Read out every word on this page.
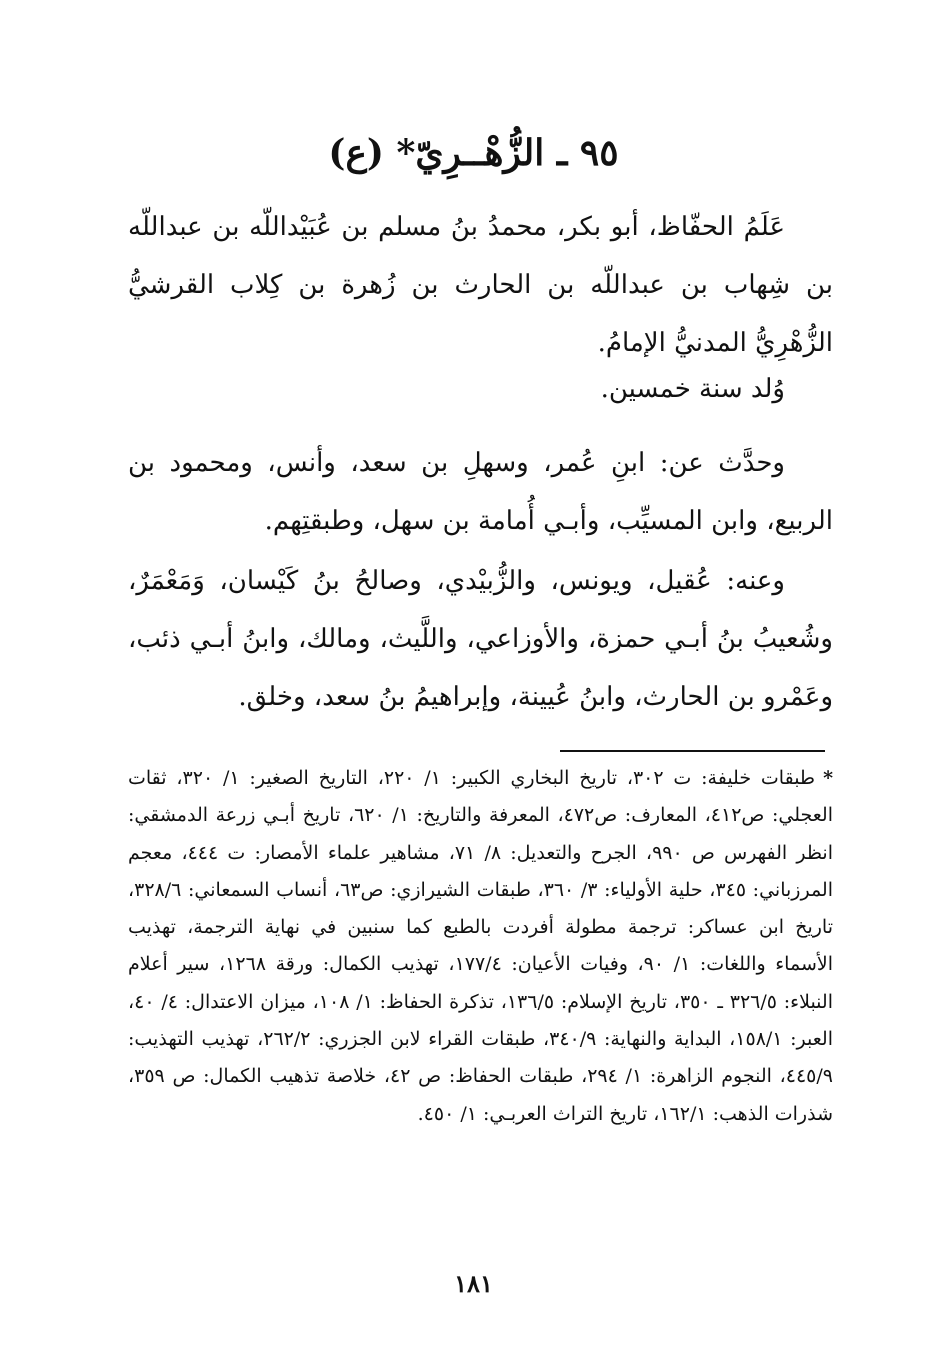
٩٥ ـ الزُّهْــرِيّ* (ع)

عَلَمُ الحفّاظ، أبو بكر، محمدُ بنُ مسلم بن عُبَيْداللّه بن عبداللّه بن شِهاب بن عبداللّه بن الحارث بن زُهرة بن كِلاب القرشيُّ الزُّهْرِيُّ المدنيُّ الإمامُ.

وُلد سنة خمسين.

وحدَّث عن: ابنِ عُمر، وسهلِ بن سعد، وأنس، ومحمود بن الربيع، وابن المسيِّب، وأبـي أُمامة بن سهل، وطبقتِهم.

وعنه: عُقيل، ويونس، والزُّبيْدي، وصالحُ بنُ كَيْسان، وَمَعْمَرٌ، وشُعيبُ بنُ أبـي حمزة، والأوزاعي، واللَّيث، ومالك، وابنُ أبـي ذئب، وعَمْرو بن الحارث، وابنُ عُيينة، وإبراهيمُ بنُ سعد، وخلق.

*طبقات خليفة: ت ٣٠٢، تاريخ البخاري الكبير: ١/ ٢٢٠، التاريخ الصغير: ١/ ٣٢٠، ثقات العجلي: ص٤١٢، المعارف: ص٤٧٢، المعرفة والتاريخ: ١/ ٦٢٠، تاريخ أبـي زرعة الدمشقي: انظر الفهرس ص ٩٩٠، الجرح والتعديل: ٨/ ٧١، مشاهير علماء الأمصار: ت ٤٤٤، معجم المرزباني: ٣٤٥، حلية الأولياء: ٣/ ٣٦٠، طبقات الشيرازي: ص٦٣، أنساب السمعاني: ٣٢٨/٦، تاريخ ابن عساكر: ترجمة مطولة أفردت بالطبع كما سنبين في نهاية الترجمة، تهذيب الأسماء واللغات: ١/ ٩٠، وفيات الأعيان: ١٧٧/٤، تهذيب الكمال: ورقة ١٢٦٨، سير أعلام النبلاء: ٣٢٦/٥ ـ ٣٥٠، تاريخ الإسلام: ١٣٦/٥، تذكرة الحفاظ: ١/ ١٠٨، ميزان الاعتدال: ٤/ ٤٠، العبر: ١٥٨/١، البداية والنهاية: ٣٤٠/٩، طبقات القراء لابن الجزري: ٢٦٢/٢، تهذيب التهذيب: ٤٤٥/٩، النجوم الزاهرة: ١/ ٢٩٤، طبقات الحفاظ: ص ٤٢، خلاصة تذهيب الكمال: ص ٣٥٩، شذرات الذهب: ١٦٢/١، تاريخ التراث العربـي: ١/ ٤٥٠.
١٨١
